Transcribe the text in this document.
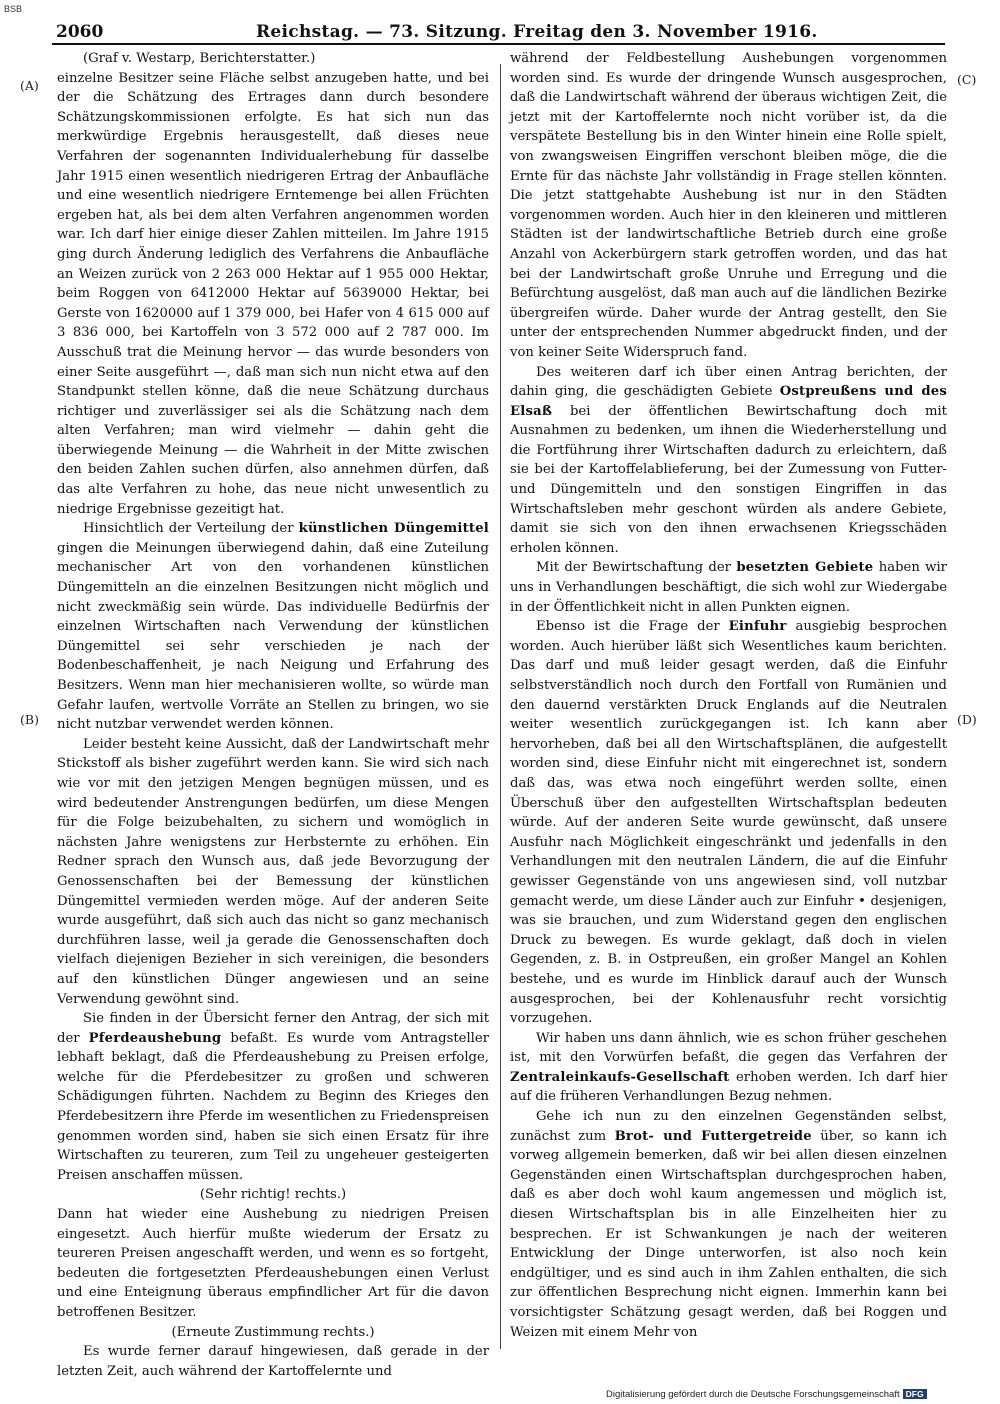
BSB
2060	Reichstag. — 73. Sitzung. Freitag den 3. November 1916.
(A)
(B)
(C)
(D)

(Graf v. Westarp, Berichterstatter.)

einzelne Besitzer seine Fläche selbst anzugeben hatte, und bei der die Schätzung des Ertrages dann durch besondere Schätzungskommissionen erfolgte. Es hat sich nun das merkwürdige Ergebnis herausgestellt, daß dieses neue Verfahren der sogenannten Individualerhebung für dasselbe Jahr 1915 einen wesentlich niedrigeren Ertrag der Anbaufläche und eine wesentlich niedrigere Erntemenge bei allen Früchten ergeben hat, als bei dem alten Verfahren angenommen worden war. Ich darf hier einige dieser Zahlen mitteilen. Im Jahre 1915 ging durch Änderung lediglich des Verfahrens die Anbaufläche an Weizen zurück von 2 263 000 Hektar auf 1 955 000 Hektar, beim Roggen von 6412000 Hektar auf 5639000 Hektar, bei Gerste von 1620000 auf 1 379 000, bei Hafer von 4 615 000 auf 3 836 000, bei Kartoffeln von 3 572 000 auf 2 787 000. Im Ausschuß trat die Meinung hervor — das wurde besonders von einer Seite ausgeführt —, daß man sich nun nicht etwa auf den Standpunkt stellen könne, daß die neue Schätzung durchaus richtiger und zuverlässiger sei als die Schätzung nach dem alten Verfahren; man wird vielmehr — dahin geht die überwiegende Meinung — die Wahrheit in der Mitte zwischen den beiden Zahlen suchen dürfen, also annehmen dürfen, daß das alte Verfahren zu hohe, das neue nicht unwesentlich zu niedrige Ergebnisse gezeitigt hat.

Hinsichtlich der Verteilung der künstlichen Düngemittel gingen die Meinungen überwiegend dahin, daß eine Zuteilung mechanischer Art von den vorhandenen künstlichen Düngemitteln an die einzelnen Besitzungen nicht möglich und nicht zweckmäßig sein würde. Das individuelle Bedürfnis der einzelnen Wirtschaften nach Verwendung der künstlichen Düngemittel sei sehr verschieden je nach der Bodenbeschaffenheit, je nach Neigung und Erfahrung des Besitzers. Wenn man hier mechanisieren wollte, so würde man Gefahr laufen, wertvolle Vorräte an Stellen zu bringen, wo sie nicht nutzbar verwendet werden können.

Leider besteht keine Aussicht, daß der Landwirtschaft mehr Stickstoff als bisher zugeführt werden kann. Sie wird sich nach wie vor mit den jetzigen Mengen begnügen müssen, und es wird bedeutender Anstrengungen bedürfen, um diese Mengen für die Folge beizubehalten, zu sichern und womöglich in nächsten Jahre wenigstens zur Herbsternte zu erhöhen. Ein Redner sprach den Wunsch aus, daß jede Bevorzugung der Genossenschaften bei der Bemessung der künstlichen Düngemittel vermieden werden möge. Auf der anderen Seite wurde ausgeführt, daß sich auch das nicht so ganz mechanisch durchführen lasse, weil ja gerade die Genossenschaften doch vielfach diejenigen Bezieher in sich vereinigen, die besonders auf den künstlichen Dünger angewiesen und an seine Verwendung gewöhnt sind.

Sie finden in der Übersicht ferner den Antrag, der sich mit der Pferdeaushebung befaßt. Es wurde vom Antragsteller lebhaft beklagt, daß die Pferdeaushebung zu Preisen erfolge, welche für die Pferdebesitzer zu großen und schweren Schädigungen führten. Nachdem zu Beginn des Krieges den Pferdebesitzern ihre Pferde im wesentlichen zu Friedenspreisen genommen worden sind, haben sie sich einen Ersatz für ihre Wirtschaften zu teureren, zum Teil zu ungeheuer gesteigerten Preisen anschaffen müssen.

(Sehr richtig! rechts.)

Dann hat wieder eine Aushebung zu niedrigen Preisen eingesetzt. Auch hierfür mußte wiederum der Ersatz zu teureren Preisen angeschafft werden, und wenn es so fortgeht, bedeuten die fortgesetzten Pferdeaushebungen einen Verlust und eine Enteignung überaus empfindlicher Art für die davon betroffenen Besitzer.

(Erneute Zustimmung rechts.)

Es wurde ferner darauf hingewiesen, daß gerade in der letzten Zeit, auch während der Kartoffelernte und

während der Feldbestellung Aushebungen vorgenommen worden sind. Es wurde der dringende Wunsch ausgesprochen, daß die Landwirtschaft während der überaus wichtigen Zeit, die jetzt mit der Kartoffelernte noch nicht vorüber ist, da die verspätete Bestellung bis in den Winter hinein eine Rolle spielt, von zwangsweisen Eingriffen verschont bleiben möge, die die Ernte für das nächste Jahr vollständig in Frage stellen könnten. Die jetzt stattgehabte Aushebung ist nur in den Städten vorgenommen worden. Auch hier in den kleineren und mittleren Städten ist der landwirtschaftliche Betrieb durch eine große Anzahl von Ackerbürgern stark getroffen worden, und das hat bei der Landwirtschaft große Unruhe und Erregung und die Befürchtung ausgelöst, daß man auch auf die ländlichen Bezirke übergreifen würde. Daher wurde der Antrag gestellt, den Sie unter der entsprechenden Nummer abgedruckt finden, und der von keiner Seite Widerspruch fand.

Des weiteren darf ich über einen Antrag berichten, der dahin ging, die geschädigten Gebiete Ostpreußens und des Elsaß bei der öffentlichen Bewirtschaftung doch mit Ausnahmen zu bedenken, um ihnen die Wiederherstellung und die Fortführung ihrer Wirtschaften dadurch zu erleichtern, daß sie bei der Kartoffelablieferung, bei der Zumessung von Futter- und Düngemitteln und den sonstigen Eingriffen in das Wirtschaftsleben mehr geschont würden als andere Gebiete, damit sie sich von den ihnen erwachsenen Kriegsschäden erholen können.

Mit der Bewirtschaftung der besetzten Gebiete haben wir uns in Verhandlungen beschäftigt, die sich wohl zur Wiedergabe in der Öffentlichkeit nicht in allen Punkten eignen.

Ebenso ist die Frage der Einfuhr ausgiebig besprochen worden. Auch hierüber läßt sich Wesentliches kaum berichten. Das darf und muß leider gesagt werden, daß die Einfuhr selbstverständlich noch durch den Fortfall von Rumänien und den dauernd verstärkten Druck Englands auf die Neutralen weiter wesentlich zurückgegangen ist. Ich kann aber hervorheben, daß bei all den Wirtschaftsplänen, die aufgestellt worden sind, diese Einfuhr nicht mit eingerechnet ist, sondern daß das, was etwa noch eingeführt werden sollte, einen Überschuß über den aufgestellten Wirtschaftsplan bedeuten würde. Auf der anderen Seite wurde gewünscht, daß unsere Ausfuhr nach Möglichkeit eingeschränkt und jedenfalls in den Verhandlungen mit den neutralen Ländern, die auf die Einfuhr gewisser Gegenstände von uns angewiesen sind, voll nutzbar gemacht werde, um diese Länder auch zur Einfuhr • desjenigen, was sie brauchen, und zum Widerstand gegen den englischen Druck zu bewegen. Es wurde geklagt, daß doch in vielen Gegenden, z. B. in Ostpreußen, ein großer Mangel an Kohlen bestehe, und es wurde im Hinblick darauf auch der Wunsch ausgesprochen, bei der Kohlenausfuhr recht vorsichtig vorzugehen.

Wir haben uns dann ähnlich, wie es schon früher geschehen ist, mit den Vorwürfen befaßt, die gegen das Verfahren der Zentraleinkaufs-Gesellschaft erhoben werden. Ich darf hier auf die früheren Verhandlungen Bezug nehmen.

Gehe ich nun zu den einzelnen Gegenständen selbst, zunächst zum Brot- und Futtergetreide über, so kann ich vorweg allgemein bemerken, daß wir bei allen diesen einzelnen Gegenständen einen Wirtschaftsplan durchgesprochen haben, daß es aber doch wohl kaum angemessen und möglich ist, diesen Wirtschaftsplan bis in alle Einzelheiten hier zu besprechen. Er ist Schwankungen je nach der weiteren Entwicklung der Dinge unterworfen, ist also noch kein endgültiger, und es sind auch in ihm Zahlen enthalten, die sich zur öffentlichen Besprechung nicht eignen. Immerhin kann bei vorsichtigster Schätzung gesagt werden, daß bei Roggen und Weizen mit einem Mehr von

Digitalisierung gefördert durch die Deutsche Forschungsgemeinschaft DFG
